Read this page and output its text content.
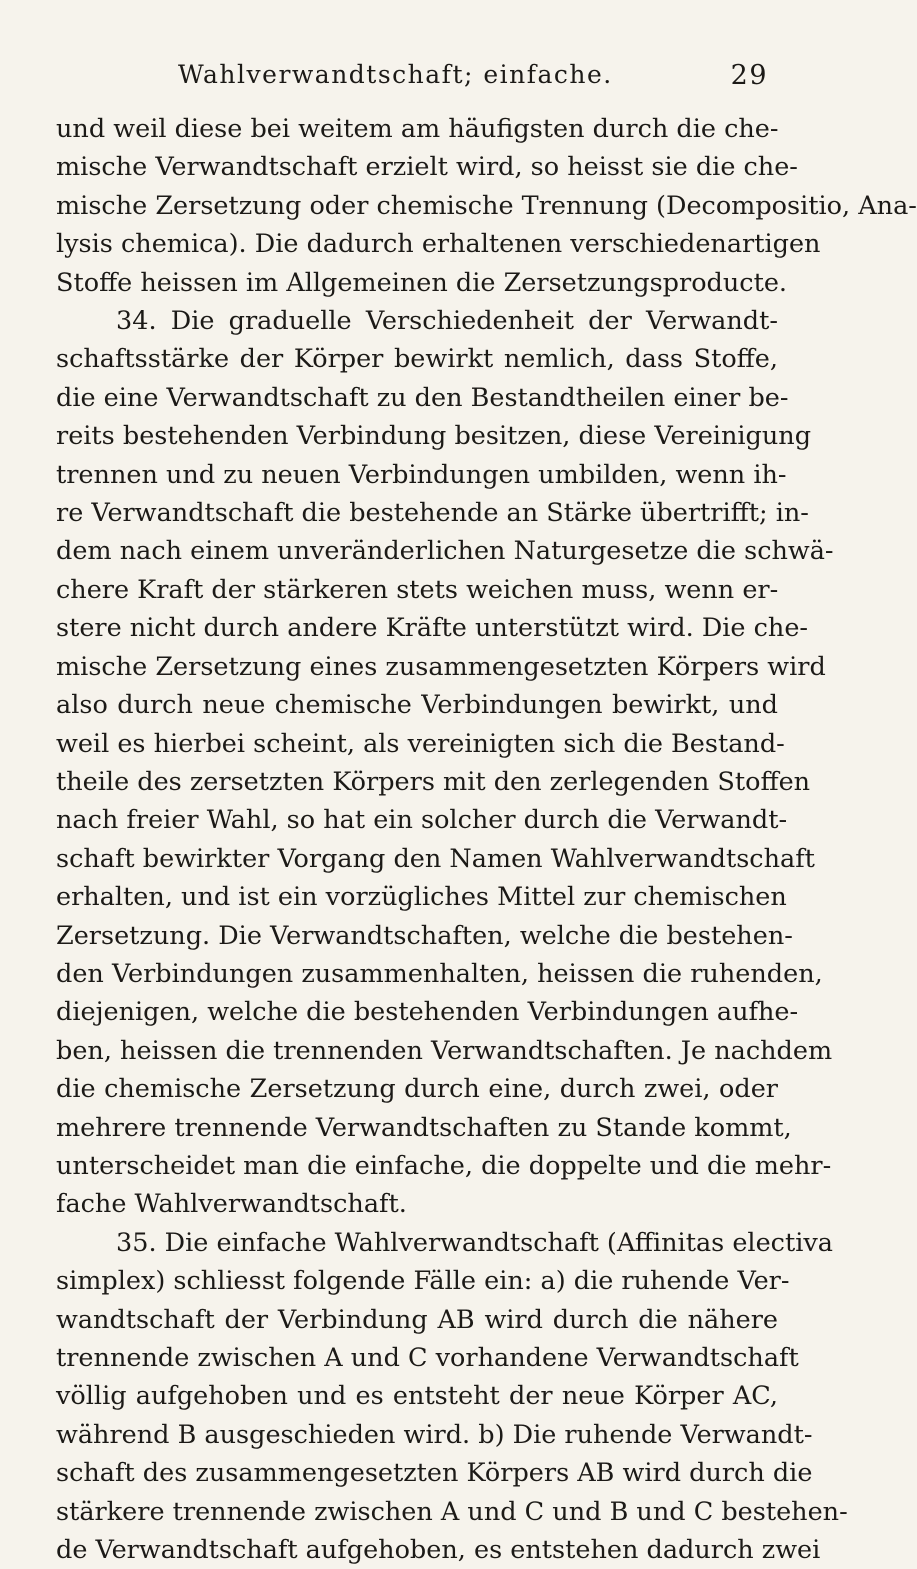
Wahlverwandtschaft; einfache.	29
und weil diese bei weitem am häufigsten durch die che-
mische Verwandtschaft erzielt wird, so heisst sie die che-
mische Zersetzung oder chemische Trennung (Decompositio, Ana-
lysis chemica). Die dadurch erhaltenen verschiedenartigen
Stoffe heissen im Allgemeinen die Zersetzungsproducte.
34. Die graduelle Verschiedenheit der Verwandt-
schaftsstärke der Körper bewirkt nemlich, dass Stoffe,
die eine Verwandtschaft zu den Bestandtheilen einer be-
reits bestehenden Verbindung besitzen, diese Vereinigung
trennen und zu neuen Verbindungen umbilden, wenn ih-
re Verwandtschaft die bestehende an Stärke übertrifft; in-
dem nach einem unveränderlichen Naturgesetze die schwä-
chere Kraft der stärkeren stets weichen muss, wenn er-
stere nicht durch andere Kräfte unterstützt wird. Die che-
mische Zersetzung eines zusammengesetzten Körpers wird
also durch neue chemische Verbindungen bewirkt, und
weil es hierbei scheint, als vereinigten sich die Bestand-
theile des zersetzten Körpers mit den zerlegenden Stoffen
nach freier Wahl, so hat ein solcher durch die Verwandt-
schaft bewirkter Vorgang den Namen Wahlverwandtschaft
erhalten, und ist ein vorzügliches Mittel zur chemischen
Zersetzung. Die Verwandtschaften, welche die bestehen-
den Verbindungen zusammenhalten, heissen die ruhenden,
diejenigen, welche die bestehenden Verbindungen aufhe-
ben, heissen die trennenden Verwandtschaften. Je nachdem
die chemische Zersetzung durch eine, durch zwei, oder
mehrere trennende Verwandtschaften zu Stande kommt,
unterscheidet man die einfache, die doppelte und die mehr-
fache Wahlverwandtschaft.
35. Die einfache Wahlverwandtschaft (Affinitas electiva
simplex) schliesst folgende Fälle ein: a) die ruhende Ver-
wandtschaft der Verbindung AB wird durch die nähere
trennende zwischen A und C vorhandene Verwandtschaft
völlig aufgehoben und es entsteht der neue Körper AC,
während B ausgeschieden wird. b) Die ruhende Verwandt-
schaft des zusammengesetzten Körpers AB wird durch die
stärkere trennende zwischen A und C und B und C bestehen-
de Verwandtschaft aufgehoben, es entstehen dadurch zwei
